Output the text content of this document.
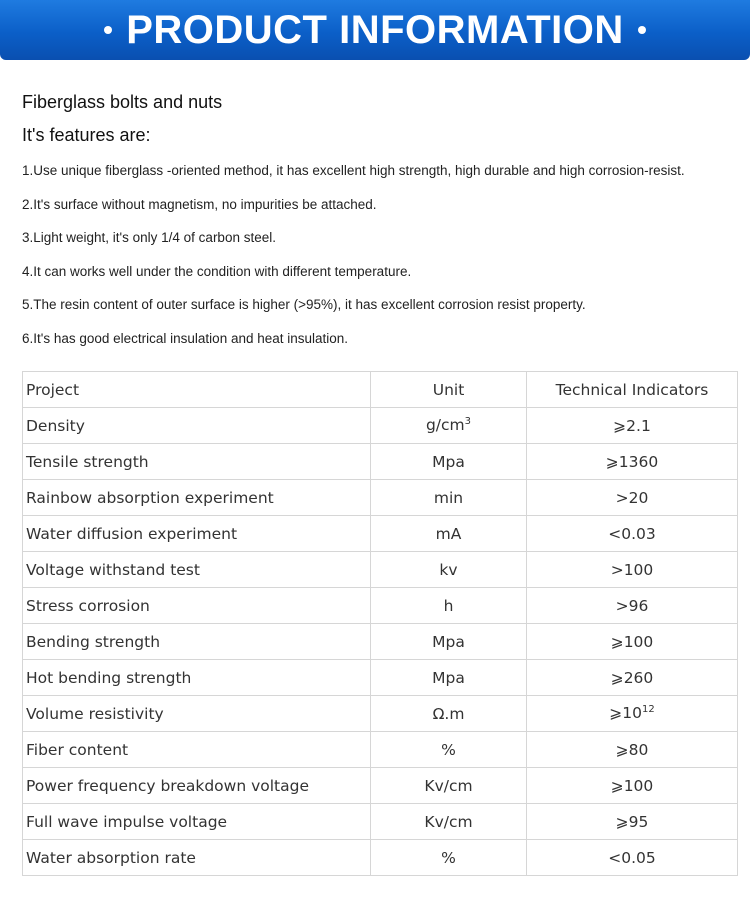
PRODUCT INFORMATION
Fiberglass bolts and nuts
It's features are:
1.Use unique fiberglass -oriented method, it has excellent high strength, high durable and high corrosion-resist.
2.It's surface without magnetism, no impurities be attached.
3.Light weight, it's only 1/4 of carbon steel.
4.It can works well under the condition with different temperature.
5.The resin content of outer surface is higher (>95%), it has excellent corrosion resist property.
6.It's has good electrical insulation and heat insulation.
Project	Unit	Technical Indicators
Density	$g/cm^3$	⩾2.1
Tensile strength	Mpa	⩾1360
Rainbow absorption experiment	min	>20
Water diffusion experiment	mA	<0.03
Voltage withstand test	kv	>100
Stress corrosion	h	>96
Bending strength	Mpa	⩾100
Hot bending strength	Mpa	⩾260
Volume resistivity	Ω.m	$⩾10^{12}$
Fiber content	%	⩾80
Power frequency breakdown voltage	Kv/cm	⩾100
Full wave impulse voltage	Kv/cm	⩾95
Water absorption rate	%	<0.05
